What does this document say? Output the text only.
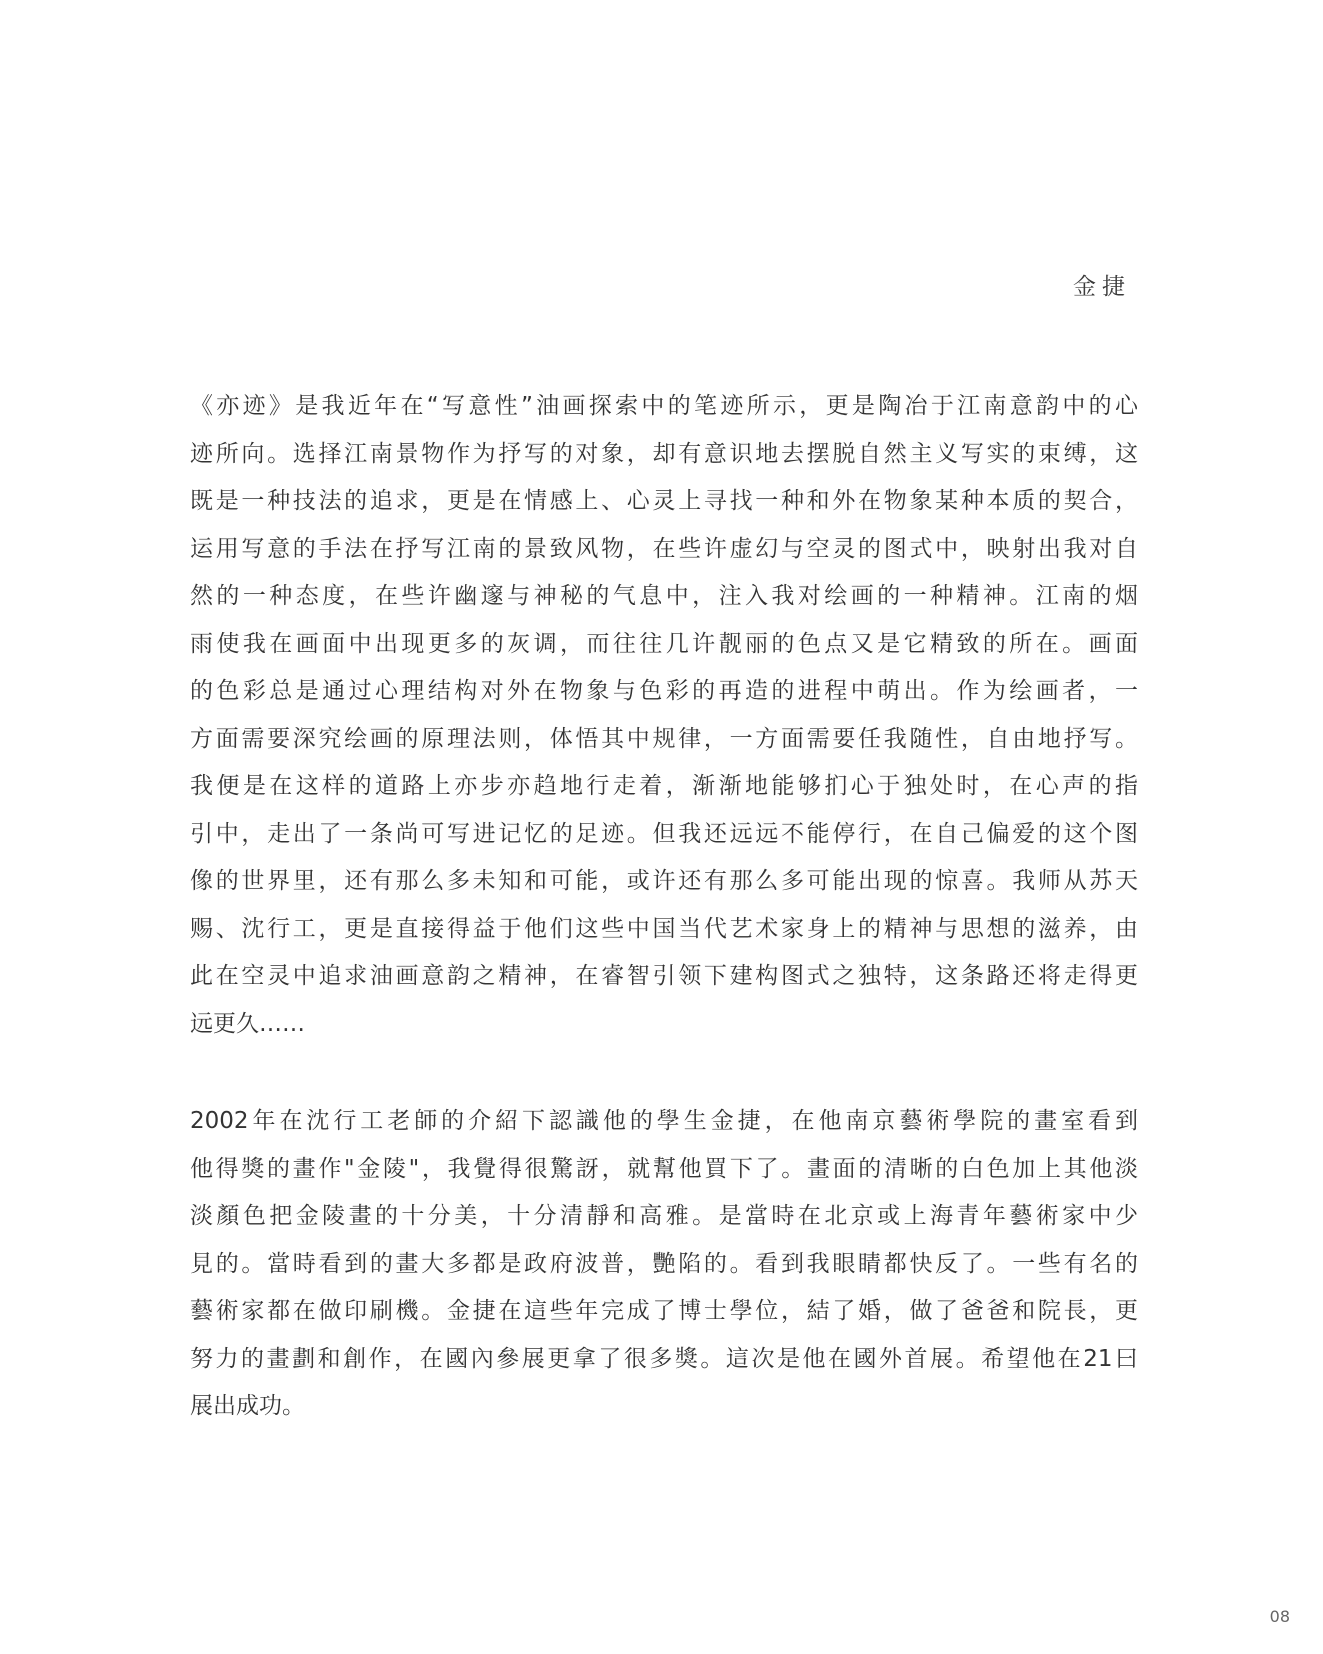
金捷
《亦迹》是我近年在“写意性”油画探索中的笔迹所示，更是陶冶于江南意韵中的心
迹所向。选择江南景物作为抒写的对象，却有意识地去摆脱自然主义写实的束缚，这
既是一种技法的追求，更是在情感上、心灵上寻找一种和外在物象某种本质的契合，
运用写意的手法在抒写江南的景致风物，在些许虚幻与空灵的图式中，映射出我对自
然的一种态度，在些许幽邃与神秘的气息中，注入我对绘画的一种精神。江南的烟
雨使我在画面中出现更多的灰调，而往往几许靓丽的色点又是它精致的所在。画面
的色彩总是通过心理结构对外在物象与色彩的再造的进程中萌出。作为绘画者，一
方面需要深究绘画的原理法则，体悟其中规律，一方面需要任我随性，自由地抒写。
我便是在这样的道路上亦步亦趋地行走着，渐渐地能够扪心于独处时，在心声的指
引中，走出了一条尚可写进记忆的足迹。但我还远远不能停行，在自己偏爱的这个图
像的世界里，还有那么多未知和可能，或许还有那么多可能出现的惊喜。我师从苏天
赐、沈行工，更是直接得益于他们这些中国当代艺术家身上的精神与思想的滋养，由
此在空灵中追求油画意韵之精神，在睿智引领下建构图式之独特，这条路还将走得更
远更久……
2002年在沈行工老師的介紹下認識他的學生金捷，在他南京藝術學院的畫室看到
他得獎的畫作"金陵"，我覺得很驚訝，就幫他買下了。畫面的清晰的白色加上其他淡
淡顏色把金陵畫的十分美，十分清靜和高雅。是當時在北京或上海青年藝術家中少
見的。當時看到的畫大多都是政府波普，艷陷的。看到我眼睛都快反了。一些有名的
藝術家都在做印刷機。金捷在這些年完成了博士學位，結了婚，做了爸爸和院長，更
努力的畫劃和創作，在國內參展更拿了很多獎。這次是他在國外首展。希望他在21曰
展出成功。
08
